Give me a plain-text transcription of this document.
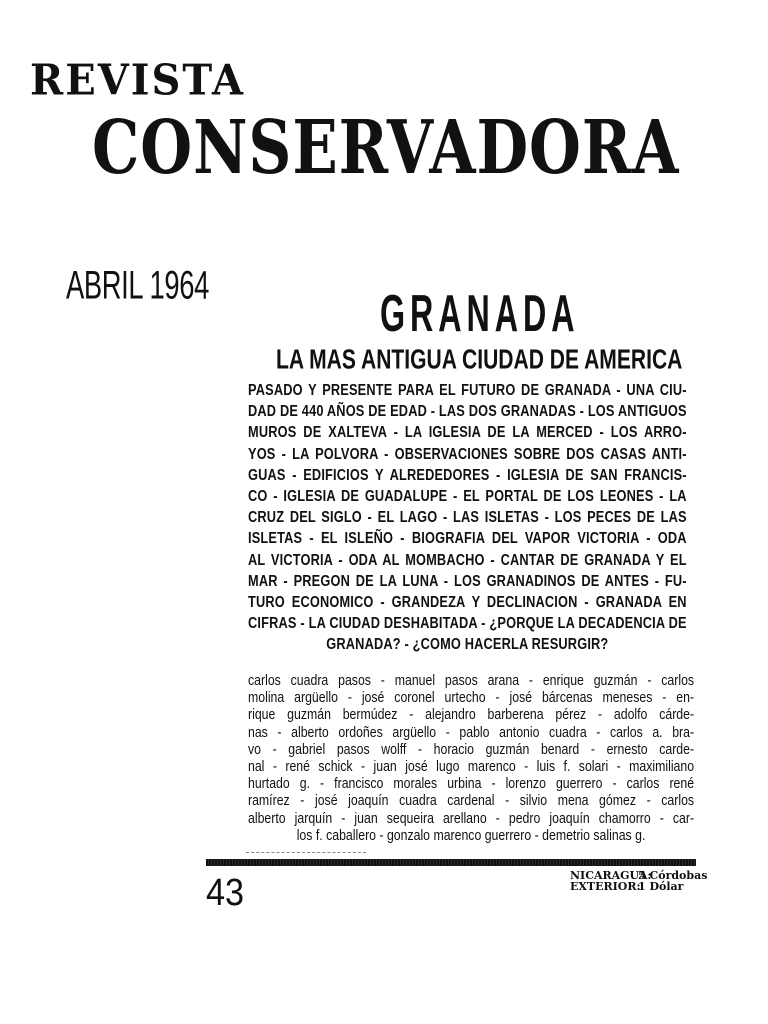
REVISTA
CONSERVADORA
ABRIL 1964	GRANADA
LA MAS ANTIGUA CIUDAD DE AMERICA
PASADO Y PRESENTE PARA EL FUTURO DE GRANADA - UNA CIU-
DAD DE 440 AÑOS DE EDAD - LAS DOS GRANADAS - LOS ANTIGUOS
MUROS DE XALTEVA - LA IGLESIA DE LA MERCED - LOS ARRO-
YOS - LA POLVORA - OBSERVACIONES SOBRE DOS CASAS ANTI-
GUAS - EDIFICIOS Y ALREDEDORES - IGLESIA DE SAN FRANCIS-
CO - IGLESIA DE GUADALUPE - EL PORTAL DE LOS LEONES - LA
CRUZ DEL SIGLO - EL LAGO - LAS ISLETAS - LOS PECES DE LAS
ISLETAS - EL ISLEÑO - BIOGRAFIA DEL VAPOR VICTORIA - ODA
AL VICTORIA - ODA AL MOMBACHO - CANTAR DE GRANADA Y EL
MAR - PREGON DE LA LUNA - LOS GRANADINOS DE ANTES - FU-
TURO ECONOMICO - GRANDEZA Y DECLINACION - GRANADA EN
CIFRAS - LA CIUDAD DESHABITADA - ¿PORQUE LA DECADENCIA DE
GRANADA? - ¿COMO HACERLA RESURGIR?
carlos cuadra pasos - manuel pasos arana - enrique guzmán - carlos
molina argüello - josé coronel urtecho - josé bárcenas meneses - en-
rique guzmán bermúdez - alejandro barberena pérez - adolfo cárde-
nas - alberto ordoñes argüello - pablo antonio cuadra - carlos a. bra-
vo - gabriel pasos wolff - horacio guzmán benard - ernesto carde-
nal - rené schick - juan josé lugo marenco - luis f. solari - maximiliano
hurtado g. - francisco morales urbina - lorenzo guerrero - carlos rené
ramírez - josé joaquín cuadra cardenal - silvio mena gómez - carlos
alberto jarquín - juan sequeira arellano - pedro joaquín chamorro - car-
los f. caballero - gonzalo marenco guerrero - demetrio salinas g.
43	NICARAGUA:
5 Córdobas
EXTERIOR:
1 Dólar
